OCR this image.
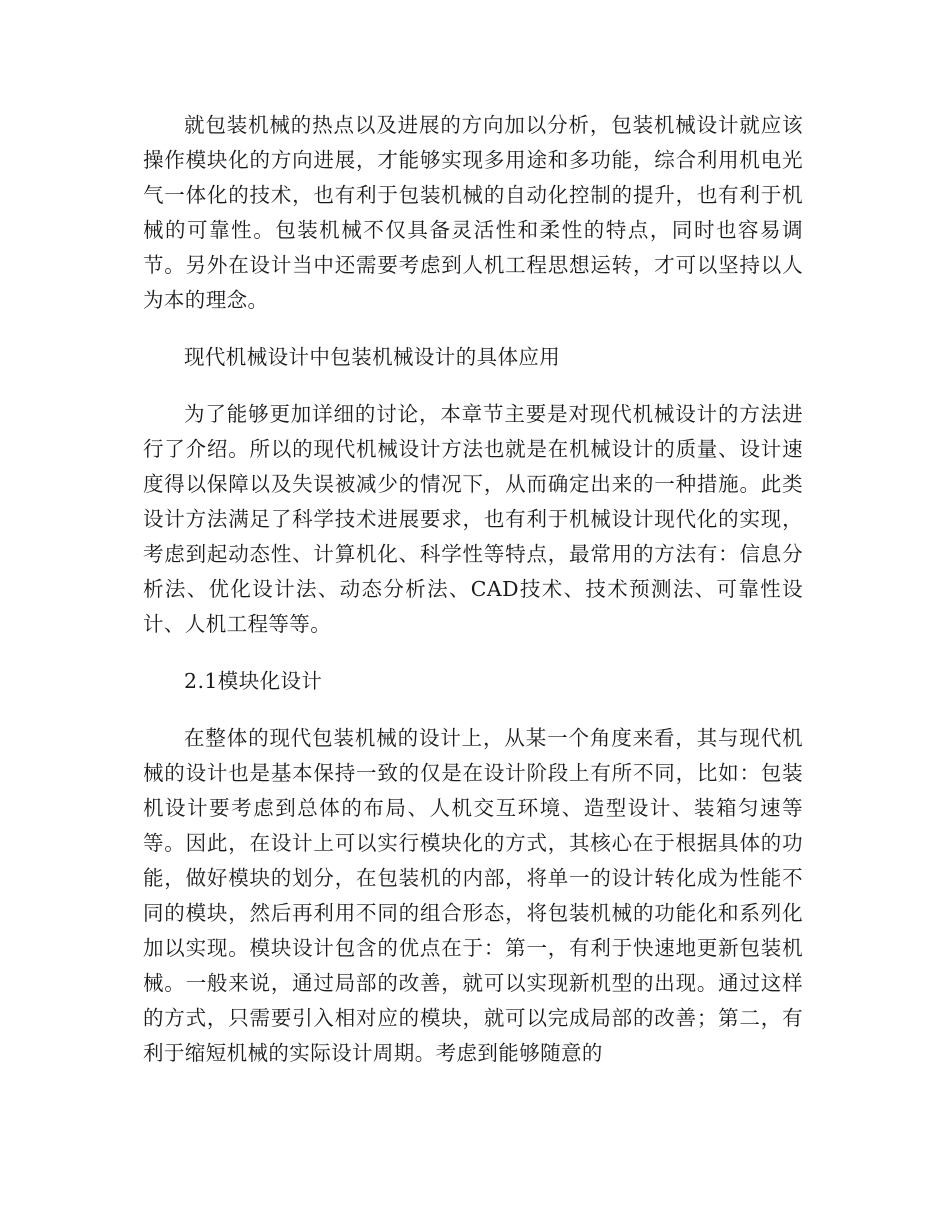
就包装机械的热点以及进展的方向加以分析，包装机械设计就应该操作模块化的方向进展，才能够实现多用途和多功能，综合利用机电光气一体化的技术，也有利于包装机械的自动化控制的提升，也有利于机械的可靠性。包装机械不仅具备灵活性和柔性的特点，同时也容易调节。另外在设计当中还需要考虑到人机工程思想运转，才可以坚持以人为本的理念。

现代机械设计中包装机械设计的具体应用

为了能够更加详细的讨论，本章节主要是对现代机械设计的方法进行了介绍。所以的现代机械设计方法也就是在机械设计的质量、设计速度得以保障以及失误被减少的情况下，从而确定出来的一种措施。此类设计方法满足了科学技术进展要求，也有利于机械设计现代化的实现，考虑到起动态性、计算机化、科学性等特点，最常用的方法有：信息分析法、优化设计法、动态分析法、CAD技术、技术预测法、可靠性设计、人机工程等等。

2.1模块化设计

在整体的现代包装机械的设计上，从某一个角度来看，其与现代机械的设计也是基本保持一致的仅是在设计阶段上有所不同，比如：包装机设计要考虑到总体的布局、人机交互环境、造型设计、装箱匀速等等。因此，在设计上可以实行模块化的方式，其核心在于根据具体的功能，做好模块的划分，在包装机的内部，将单一的设计转化成为性能不同的模块，然后再利用不同的组合形态，将包装机械的功能化和系列化加以实现。模块设计包含的优点在于：第一，有利于快速地更新包装机械。一般来说，通过局部的改善，就可以实现新机型的出现。通过这样的方式，只需要引入相对应的模块，就可以完成局部的改善；第二，有利于缩短机械的实际设计周期。考虑到能够随意的
